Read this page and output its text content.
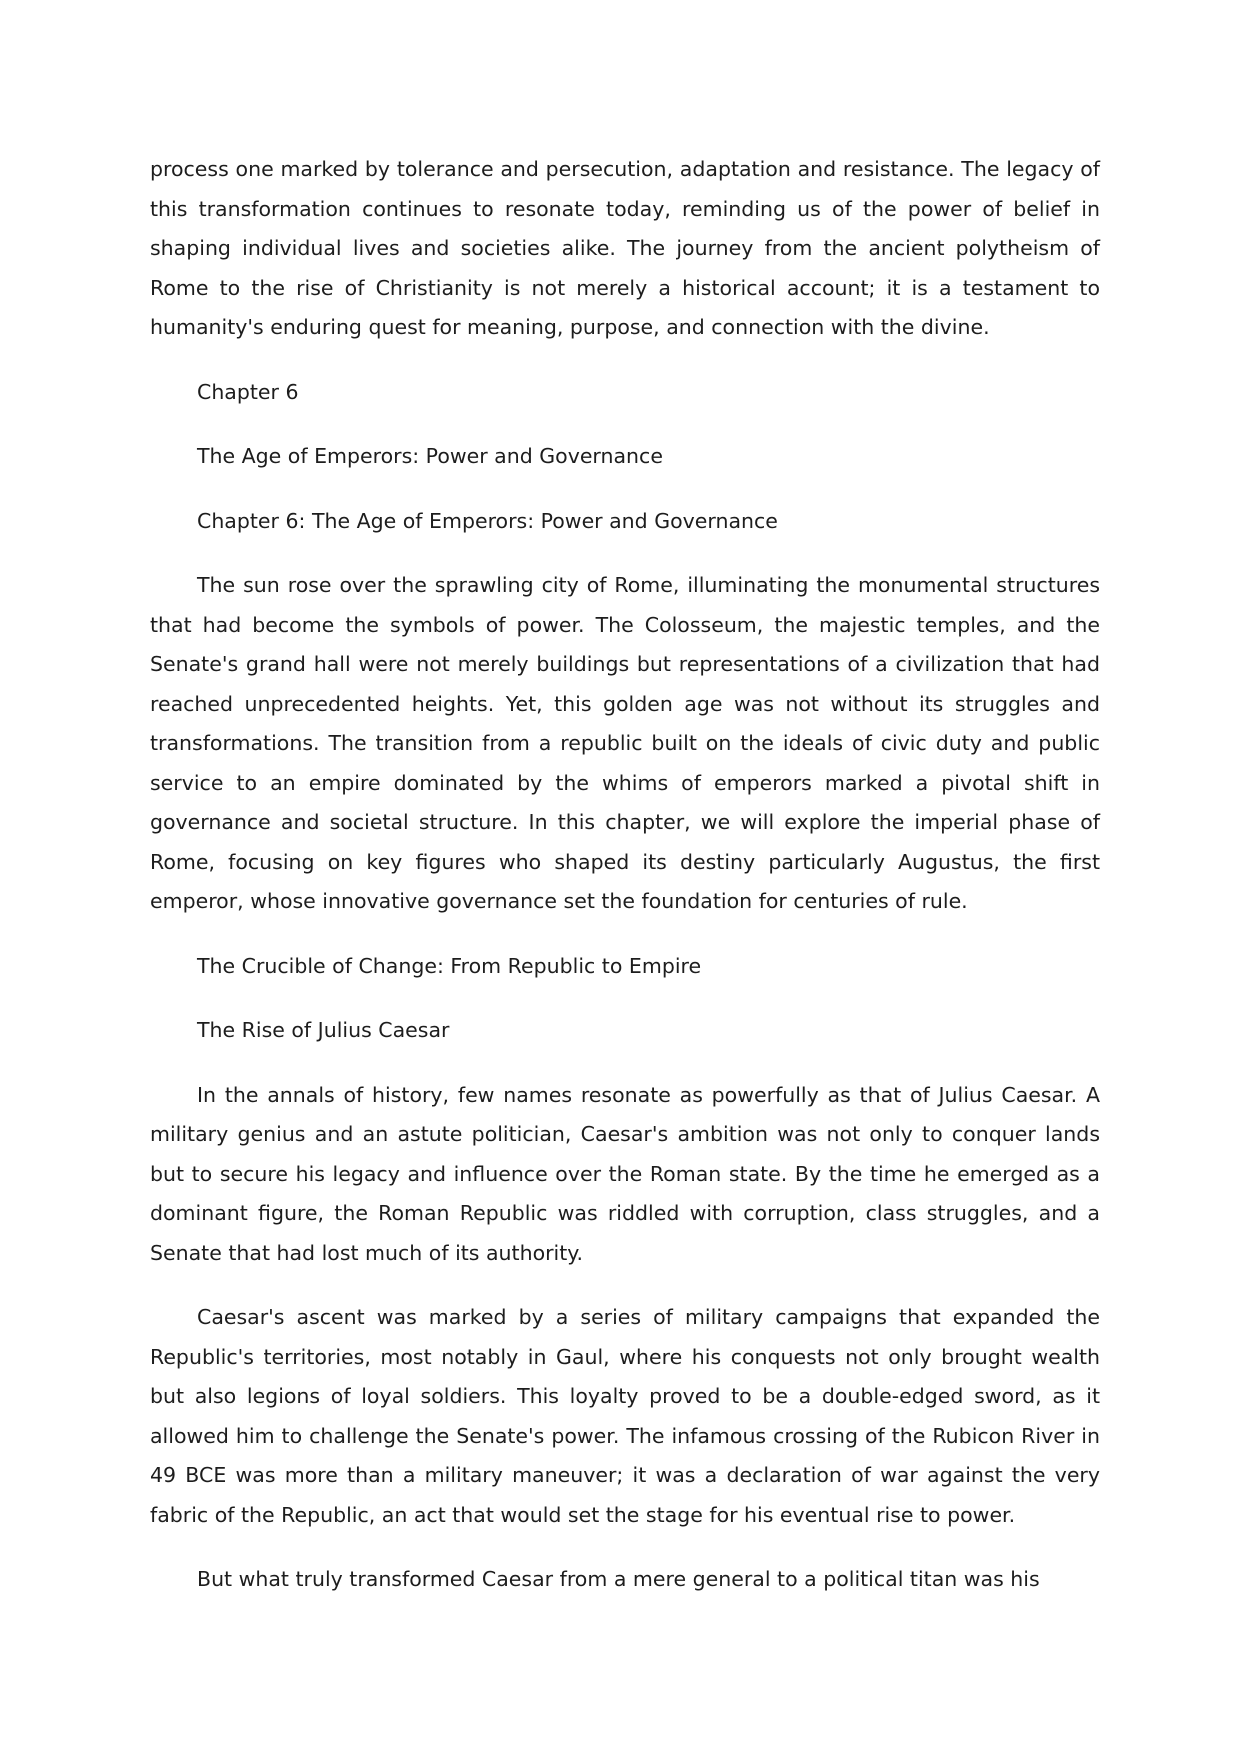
process one marked by tolerance and persecution, adaptation and resistance. The legacy of this transformation continues to resonate today, reminding us of the power of belief in shaping individual lives and societies alike. The journey from the ancient polytheism of Rome to the rise of Christianity is not merely a historical account; it is a testament to humanity's enduring quest for meaning, purpose, and connection with the divine.

Chapter 6

The Age of Emperors: Power and Governance

Chapter 6: The Age of Emperors: Power and Governance

The sun rose over the sprawling city of Rome, illuminating the monumental structures that had become the symbols of power. The Colosseum, the majestic temples, and the Senate's grand hall were not merely buildings but representations of a civilization that had reached unprecedented heights. Yet, this golden age was not without its struggles and transformations. The transition from a republic built on the ideals of civic duty and public service to an empire dominated by the whims of emperors marked a pivotal shift in governance and societal structure. In this chapter, we will explore the imperial phase of Rome, focusing on key figures who shaped its destiny particularly Augustus, the first emperor, whose innovative governance set the foundation for centuries of rule.

The Crucible of Change: From Republic to Empire

The Rise of Julius Caesar

In the annals of history, few names resonate as powerfully as that of Julius Caesar. A military genius and an astute politician, Caesar's ambition was not only to conquer lands but to secure his legacy and influence over the Roman state. By the time he emerged as a dominant figure, the Roman Republic was riddled with corruption, class struggles, and a Senate that had lost much of its authority.

Caesar's ascent was marked by a series of military campaigns that expanded the Republic's territories, most notably in Gaul, where his conquests not only brought wealth but also legions of loyal soldiers. This loyalty proved to be a double-edged sword, as it allowed him to challenge the Senate's power. The infamous crossing of the Rubicon River in 49 BCE was more than a military maneuver; it was a declaration of war against the very fabric of the Republic, an act that would set the stage for his eventual rise to power.

But what truly transformed Caesar from a mere general to a political titan was his
